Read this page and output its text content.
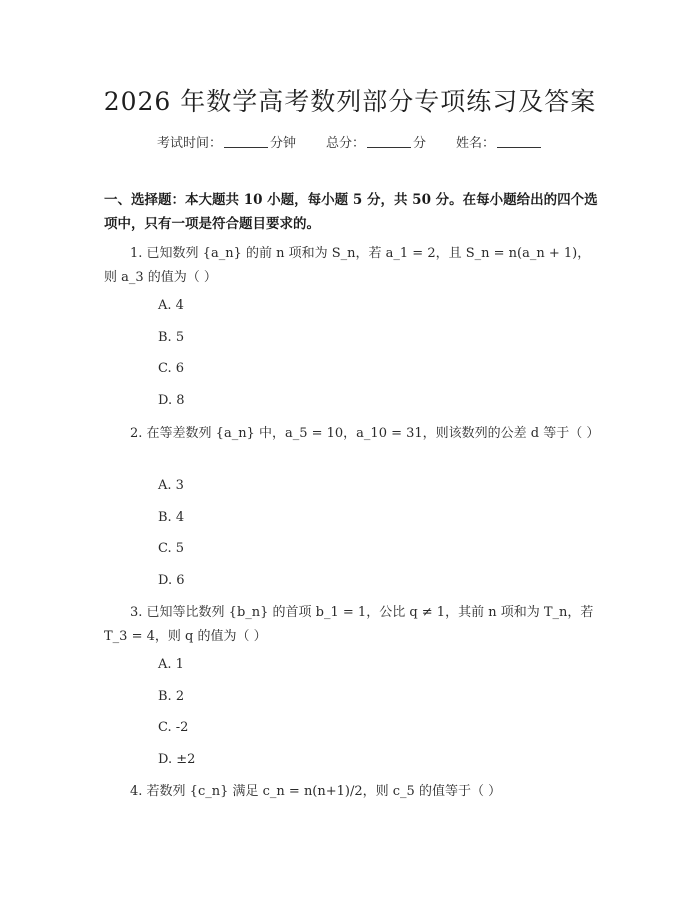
2026 年数学高考数列部分专项练习及答案
考试时间：	分钟 总分：	分 姓名：
一、选择题：本大题共 10 小题，每小题 5 分，共 50 分。在每小题给出的四个选项中，只有一项是符合题目要求的。
1. 已知数列 {a_n} 的前 n 项和为 S_n，若 a_1 = 2，且 S_n = n(a_n + 1)，则 a_3 的值为（ ）
A. 4
B. 5
C. 6
D. 8
2. 在等差数列 {a_n} 中，a_5 = 10，a_10 = 31，则该数列的公差 d 等于（ ）
A. 3
B. 4
C. 5
D. 6
3. 已知等比数列 {b_n} 的首项 b_1 = 1，公比 q ≠ 1，其前 n 项和为 T_n，若 T_3 = 4，则 q 的值为（ ）
A. 1
B. 2
C. -2
D. ±2
4. 若数列 {c_n} 满足 c_n = n(n+1)/2，则 c_5 的值等于（ ）
